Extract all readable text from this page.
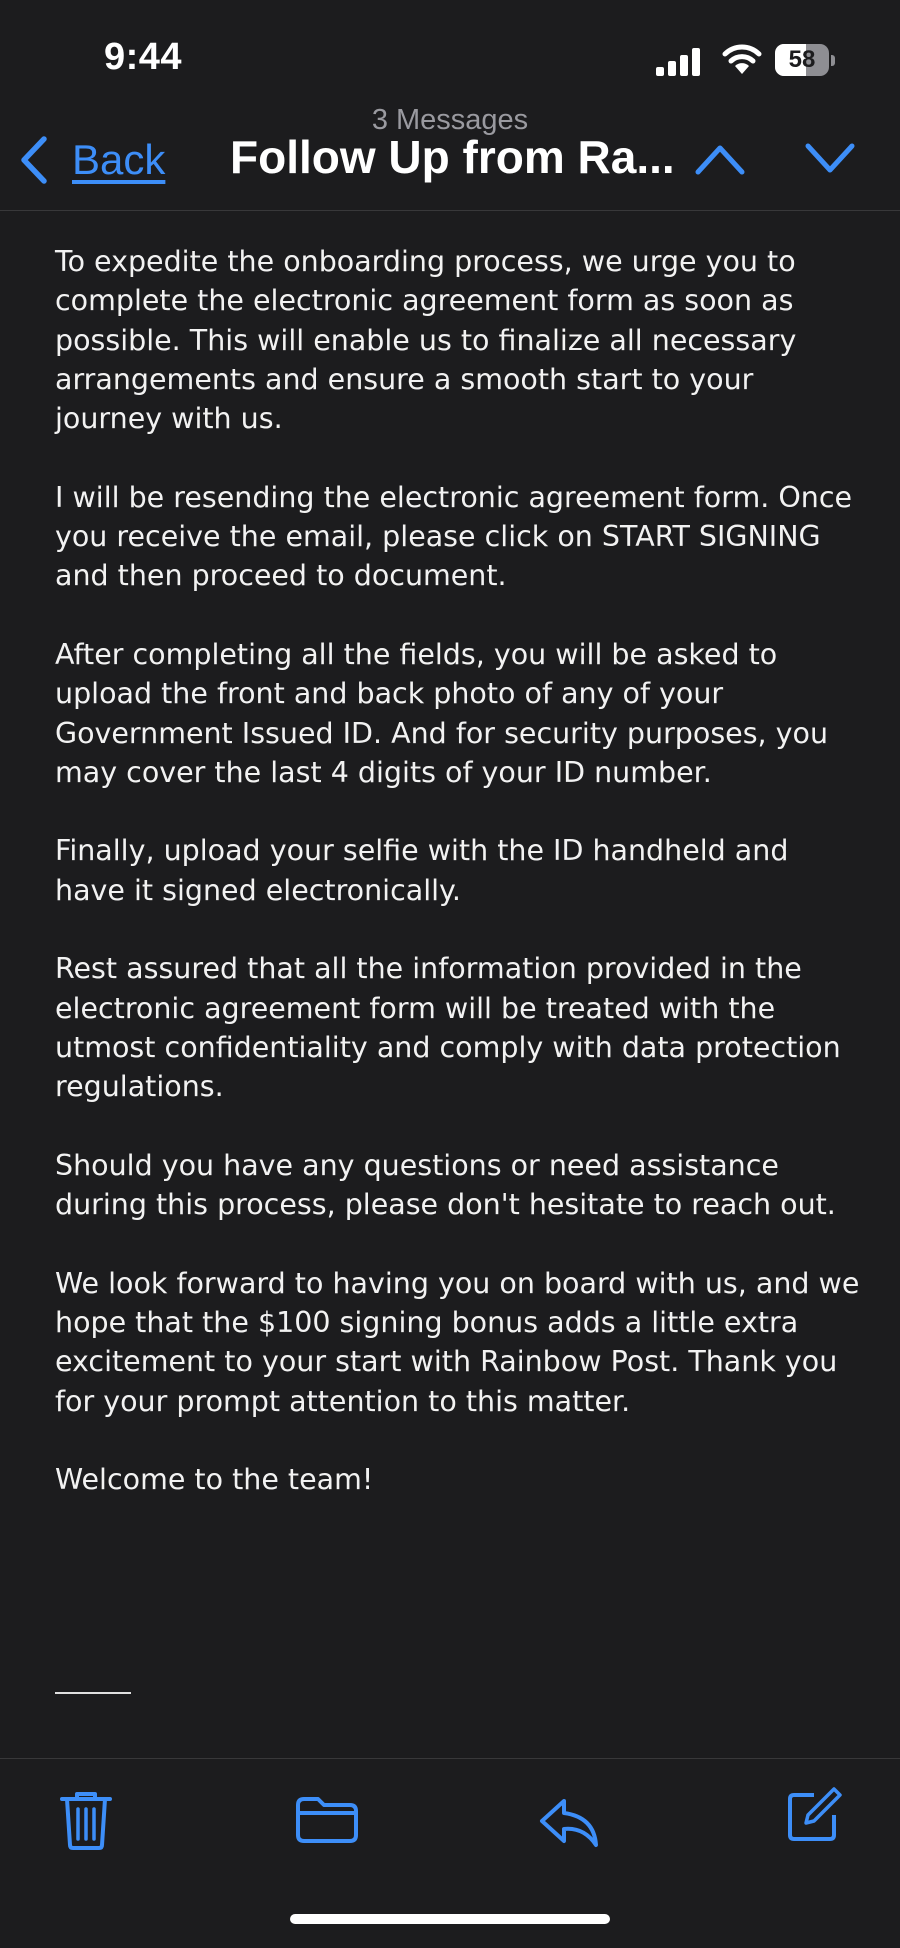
9:44	58
Back
3 Messages
Follow Up from Ra...

To expedite the onboarding process, we urge you to complete the electronic agreement form as soon as possible. This will enable us to finalize all necessary arrangements and ensure a smooth start to your journey with us.

I will be resending the electronic agreement form. Once you receive the email, please click on START SIGNING and then proceed to document.

After completing all the fields, you will be asked to upload the front and back photo of any of your Government Issued ID. And for security purposes, you may cover the last 4 digits of your ID number.

Finally, upload your selfie with the ID handheld and have it signed electronically.

Rest assured that all the information provided in the electronic agreement form will be treated with the utmost confidentiality and comply with data protection regulations.

Should you have any questions or need assistance during this process, please don't hesitate to reach out.

We look forward to having you on board with us, and we hope that the $100 signing bonus adds a little extra excitement to your start with Rainbow Post. Thank you for your prompt attention to this matter.

Welcome to the team!
